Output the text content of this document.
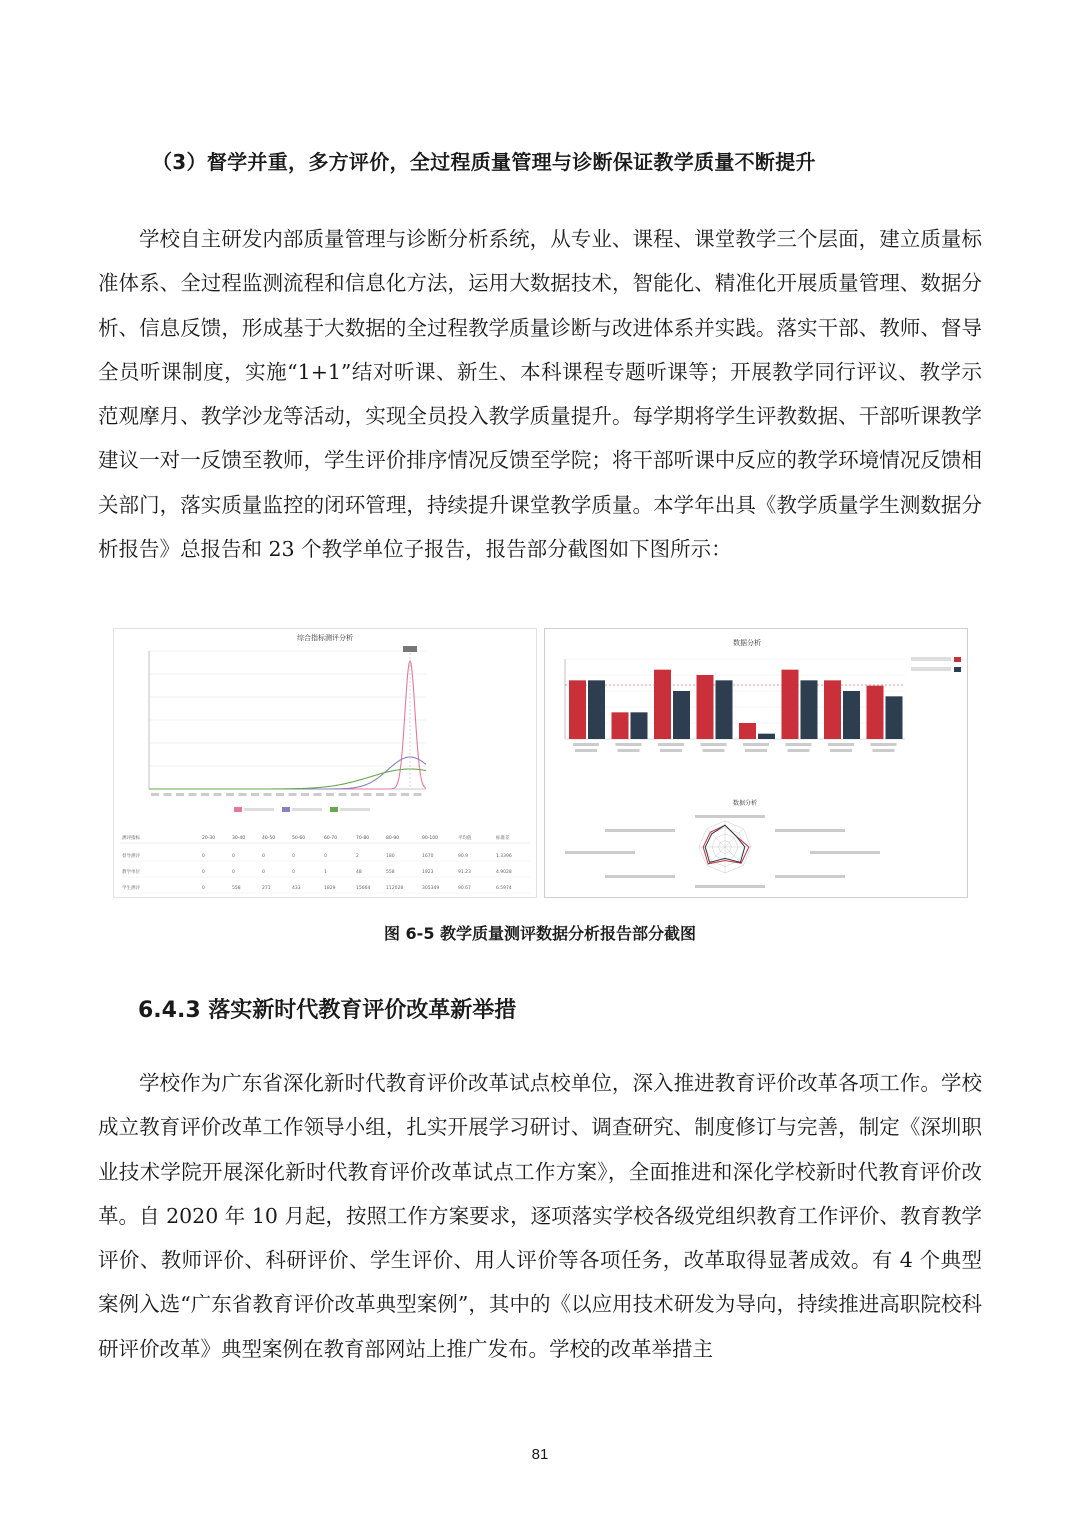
（3）督学并重，多方评价，全过程质量管理与诊断保证教学质量不断提升

学校自主研发内部质量管理与诊断分析系统，从专业、课程、课堂教学三个层面，建立质量标准体系、全过程监测流程和信息化方法，运用大数据技术，智能化、精准化开展质量管理、数据分析、信息反馈，形成基于大数据的全过程教学质量诊断与改进体系并实践。落实干部、教师、督导全员听课制度，实施“1+1”结对听课、新生、本科课程专题听课等；开展教学同行评议、教学示范观摩月、教学沙龙等活动，实现全员投入教学质量提升。每学期将学生评教数据、干部听课教学建议一对一反馈至教师，学生评价排序情况反馈至学院；将干部听课中反应的教学环境情况反馈相关部门，落实质量监控的闭环管理，持续提升课堂教学质量。本学年出具《教学质量学生测数据分析报告》总报告和 23 个教学单位子报告，报告部分截图如下图所示：

综合指标测评分析
测评指标	20-30	30-40	40-50	50-60	60-70	70-80	80-90	90-100	平均值	标准差
督导测评	0	0	0	0	0	2	180	1670	90.9	1.3396
教学单位	0	0	0	0	1	48	558	1923	91.23	4.9028
学生测评	0	558	271	433	1829	15664	112028	305349	90.67	6.5974
数据分析
数据分析
图 6-5 教学质量测评数据分析报告部分截图
6.4.3 落实新时代教育评价改革新举措

学校作为广东省深化新时代教育评价改革试点校单位，深入推进教育评价改革各项工作。学校成立教育评价改革工作领导小组，扎实开展学习研讨、调查研究、制度修订与完善，制定《深圳职业技术学院开展深化新时代教育评价改革试点工作方案》，全面推进和深化学校新时代教育评价改革。自 2020 年 10 月起，按照工作方案要求，逐项落实学校各级党组织教育工作评价、教育教学评价、教师评价、科研评价、学生评价、用人评价等各项任务，改革取得显著成效。有 4 个典型案例入选“广东省教育评价改革典型案例”，其中的《以应用技术研发为导向，持续推进高职院校科研评价改革》典型案例在教育部网站上推广发布。学校的改革举措主

81
